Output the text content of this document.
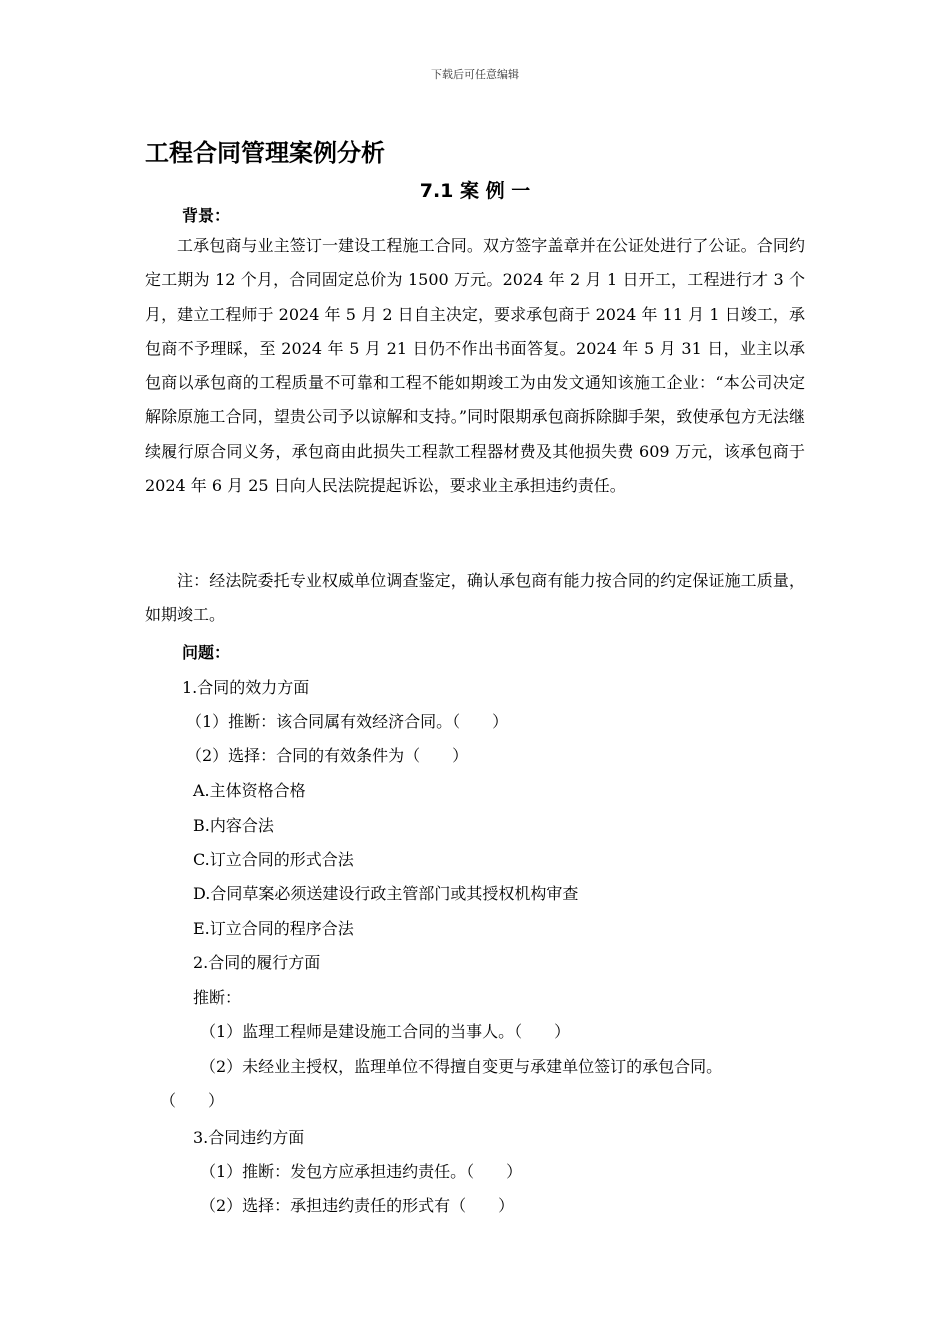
下载后可任意编辑
工程合同管理案例分析
7.1 案 例 一
背景：
工承包商与业主签订一建设工程施工合同。双方签字盖章并在公证处进行了公证。合同约定工期为 12 个月，合同固定总价为 1500 万元。2024 年 2 月 1 日开工，工程进行才 3 个月，建立工程师于 2024 年 5 月 2 日自主决定，要求承包商于 2024 年 11 月 1 日竣工，承包商不予理睬，至 2024 年 5 月 21 日仍不作出书面答复。2024 年 5 月 31 日，业主以承包商以承包商的工程质量不可靠和工程不能如期竣工为由发文通知该施工企业：“本公司决定解除原施工合同，望贵公司予以谅解和支持。”同时限期承包商拆除脚手架，致使承包方无法继续履行原合同义务，承包商由此损失工程款工程器材费及其他损失费 609 万元，该承包商于 2024 年 6 月 25 日向人民法院提起诉讼，要求业主承担违约责任。
注：经法院委托专业权威单位调查鉴定，确认承包商有能力按合同的约定保证施工质量，如期竣工。
问题：
1.合同的效力方面
（1）推断：该合同属有效经济合同。（　　）
（2）选择：合同的有效条件为（　　）
A.主体资格合格
B.内容合法
C.订立合同的形式合法
D.合同草案必须送建设行政主管部门或其授权机构审查
E.订立合同的程序合法
2.合同的履行方面
推断：
（1）监理工程师是建设施工合同的当事人。（　　）
（2）未经业主授权，监理单位不得擅自变更与承建单位签订的承包合同。
（　　）
3.合同违约方面
（1）推断：发包方应承担违约责任。（　　）
（2）选择：承担违约责任的形式有（　　）
